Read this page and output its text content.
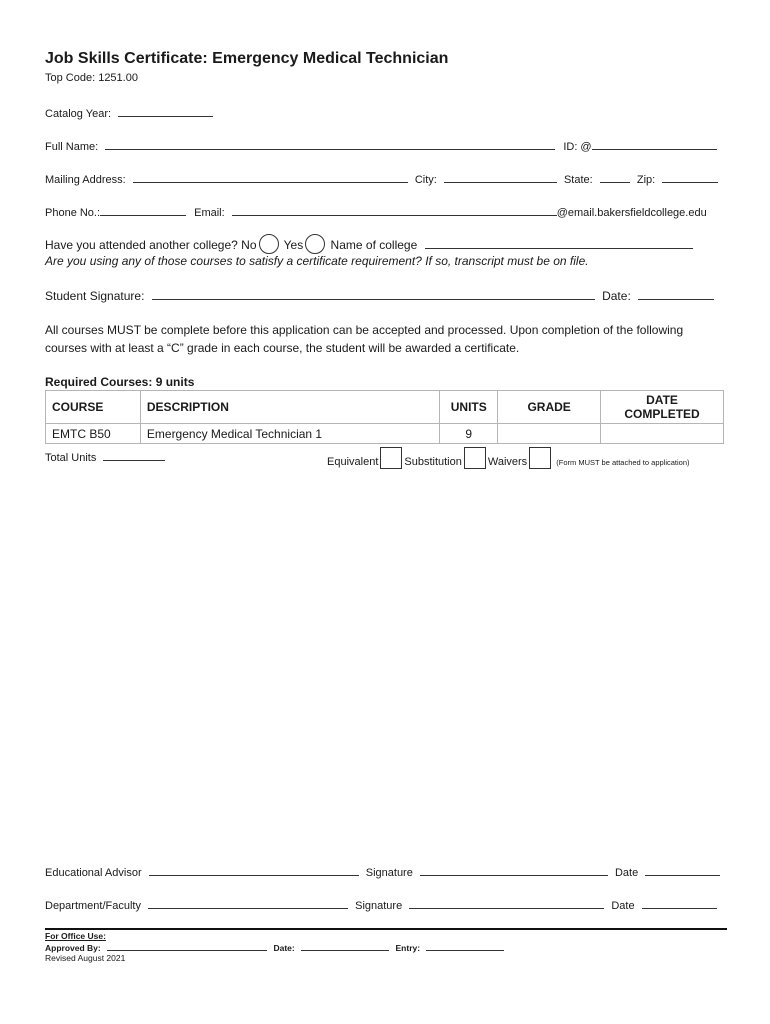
Job Skills Certificate: Emergency Medical Technician
Top Code: 1251.00
Catalog Year:
Full Name:	ID: @
Mailing Address:	City:	State:	Zip:
Phone No.:	Email:	@email.bakersfieldcollege.edu
Have you attended another college? No Yes Name of college
Are you using any of those courses to satisfy a certificate requirement? If so, transcript must be on file.
Student Signature:	Date:
All courses MUST be complete before this application can be accepted and processed. Upon completion of the following
courses with at least a “C” grade in each course, the student will be awarded a certificate.
Required Courses: 9 units
COURSE	DESCRIPTION	UNITS	GRADE	DATE COMPLETED
EMTC B50	Emergency Medical Technician 1	9		
Total Units	Equivalent Substitution Waivers	(Form MUST be attached to application)
Educational Advisor	Signature	Date
Department/Faculty	Signature	Date
For Office Use:
Approved By:	Date:	Entry:
Revised August 2021
